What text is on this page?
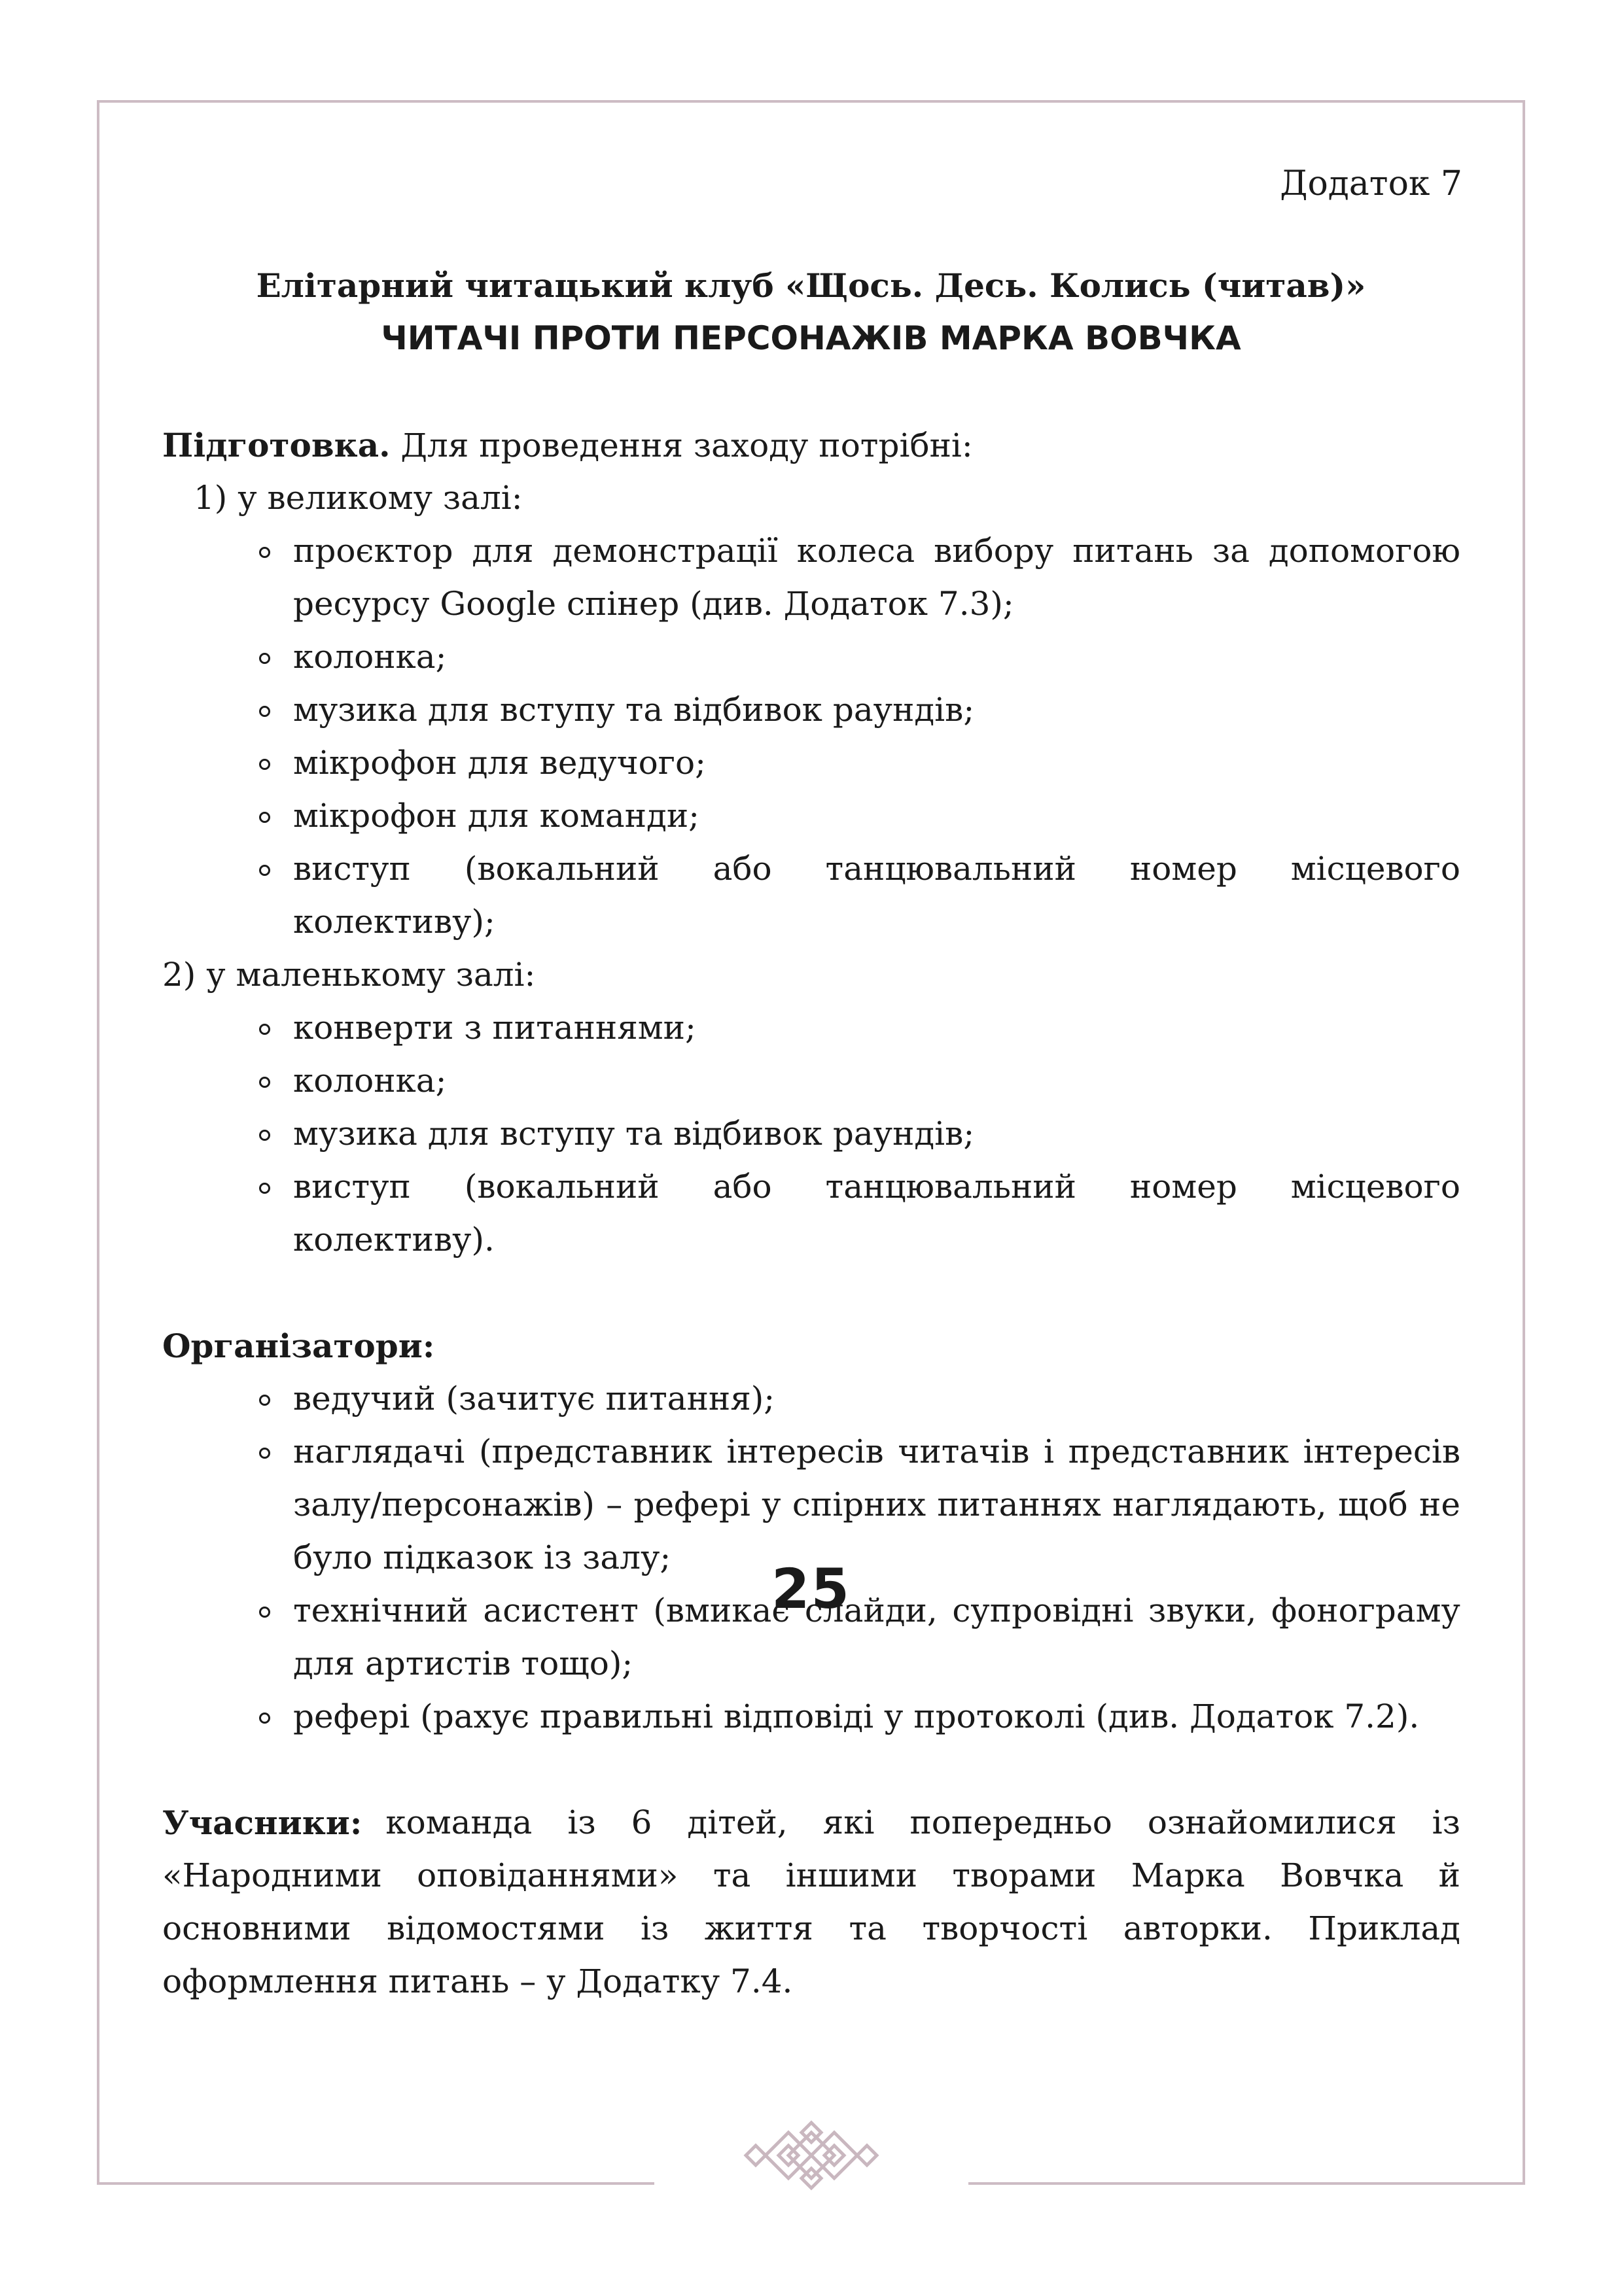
Додаток 7
Елітарний читацький клуб «Щось. Десь. Колись (читав)»
ЧИТАЧІ ПРОТИ ПЕРСОНАЖІВ МАРКА ВОВЧКА
Підготовка. Для проведення заходу потрібні:
1) у великому залі:
проєктор для демонстрації колеса вибору питань за допомогою
ресурсу Google спінер (див. Додаток 7.3);
колонка;
музика для вступу та відбивок раундів;
мікрофон для ведучого;
мікрофон для команди;
виступ (вокальний або танцювальний номер місцевого
колективу);
2) у маленькому залі:
конверти з питаннями;
колонка;
музика для вступу та відбивок раундів;
виступ (вокальний або танцювальний номер місцевого
колективу).
Організатори:
ведучий (зачитує питання);
наглядачі (представник інтересів читачів і представник інтересів
залу/персонажів) – рефері у спірних питаннях наглядають, щоб не
було підказок із залу;
технічний асистент (вмикає слайди, супровідні звуки, фонограму
для артистів тощо);
рефері (рахує правильні відповіді у протоколі (див. Додаток 7.2).
Учасники: команда із 6 дітей, які попередньо ознайомилися із
«Народними оповіданнями» та іншими творами Марка Вовчка й
основними відомостями із життя та творчості авторки. Приклад
оформлення питань – у Додатку 7.4.
25
